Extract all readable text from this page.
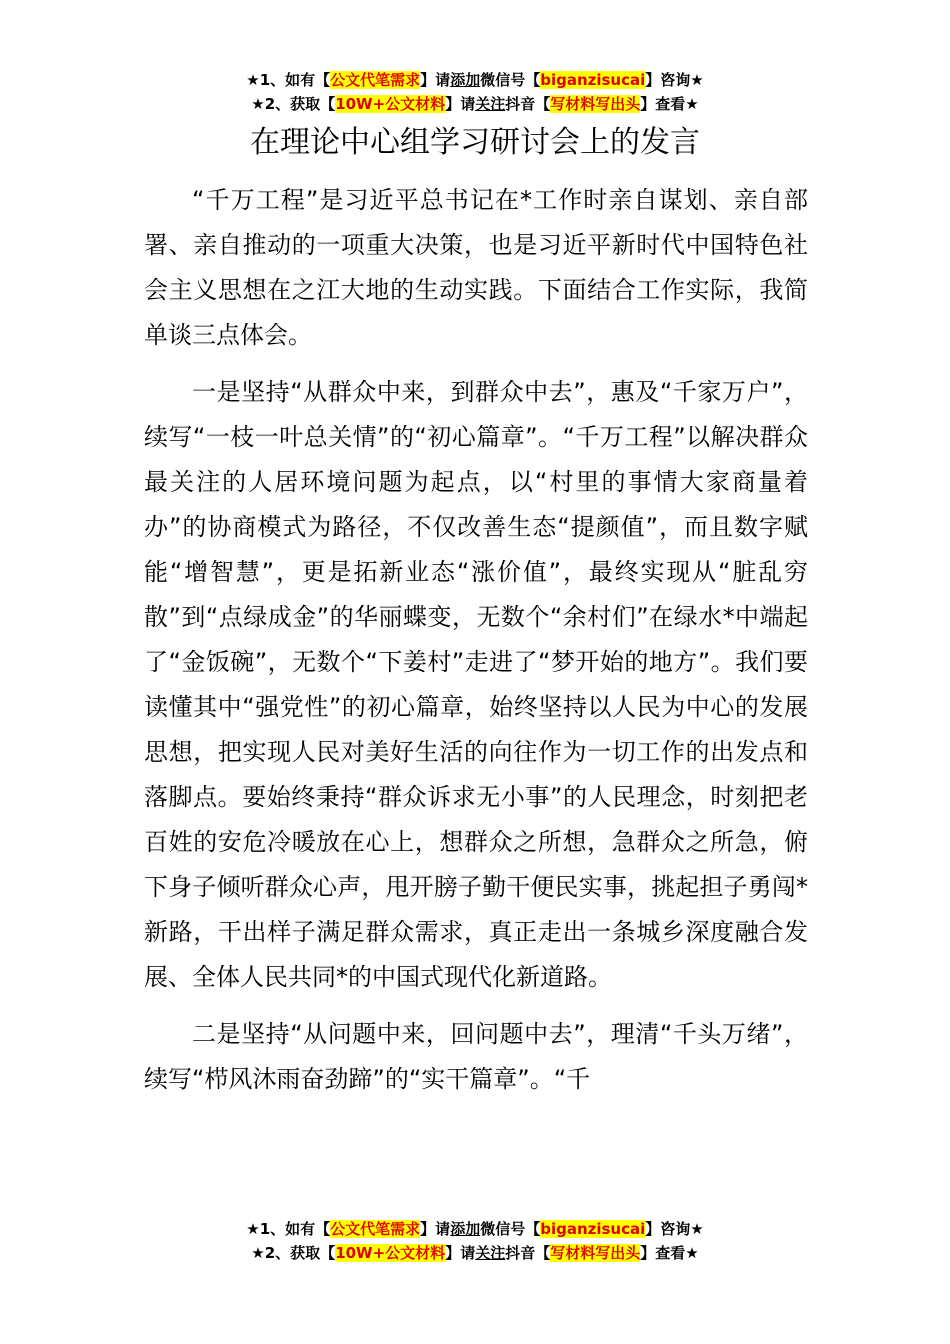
★1、如有【公文代笔需求】请添加微信号【biganzisucai】咨询★
★2、获取【10W+公文材料】请关注抖音【写材料写出头】查看★
在理论中心组学习研讨会上的发言

“千万工程”是习近平总书记在*工作时亲自谋划、亲自部署、亲自推动的一项重大决策，也是习近平新时代中国特色社会主义思想在之江大地的生动实践。下面结合工作实际，我简单谈三点体会。

一是坚持“从群众中来，到群众中去”，惠及“千家万户”，续写“一枝一叶总关情”的“初心篇章”。“千万工程”以解决群众最关注的人居环境问题为起点，以“村里的事情大家商量着办”的协商模式为路径，不仅改善生态“提颜值”，而且数字赋能“增智慧”，更是拓新业态“涨价值”，最终实现从“脏乱穷散”到“点绿成金”的华丽蝶变，无数个“余村们”在绿水*中端起了“金饭碗”，无数个“下姜村”走进了“梦开始的地方”。我们要读懂其中“强党性”的初心篇章，始终坚持以人民为中心的发展思想，把实现人民对美好生活的向往作为一切工作的出发点和落脚点。要始终秉持“群众诉求无小事”的人民理念，时刻把老百姓的安危冷暖放在心上，想群众之所想，急群众之所急，俯下身子倾听群众心声，甩开膀子勤干便民实事，挑起担子勇闯*新路，干出样子满足群众需求，真正走出一条城乡深度融合发展、全体人民共同*的中国式现代化新道路。

二是坚持“从问题中来，回问题中去”，理清“千头万绪”，续写“栉风沐雨奋劲蹄”的“实干篇章”。“千

★1、如有【公文代笔需求】请添加微信号【biganzisucai】咨询★
★2、获取【10W+公文材料】请关注抖音【写材料写出头】查看★
